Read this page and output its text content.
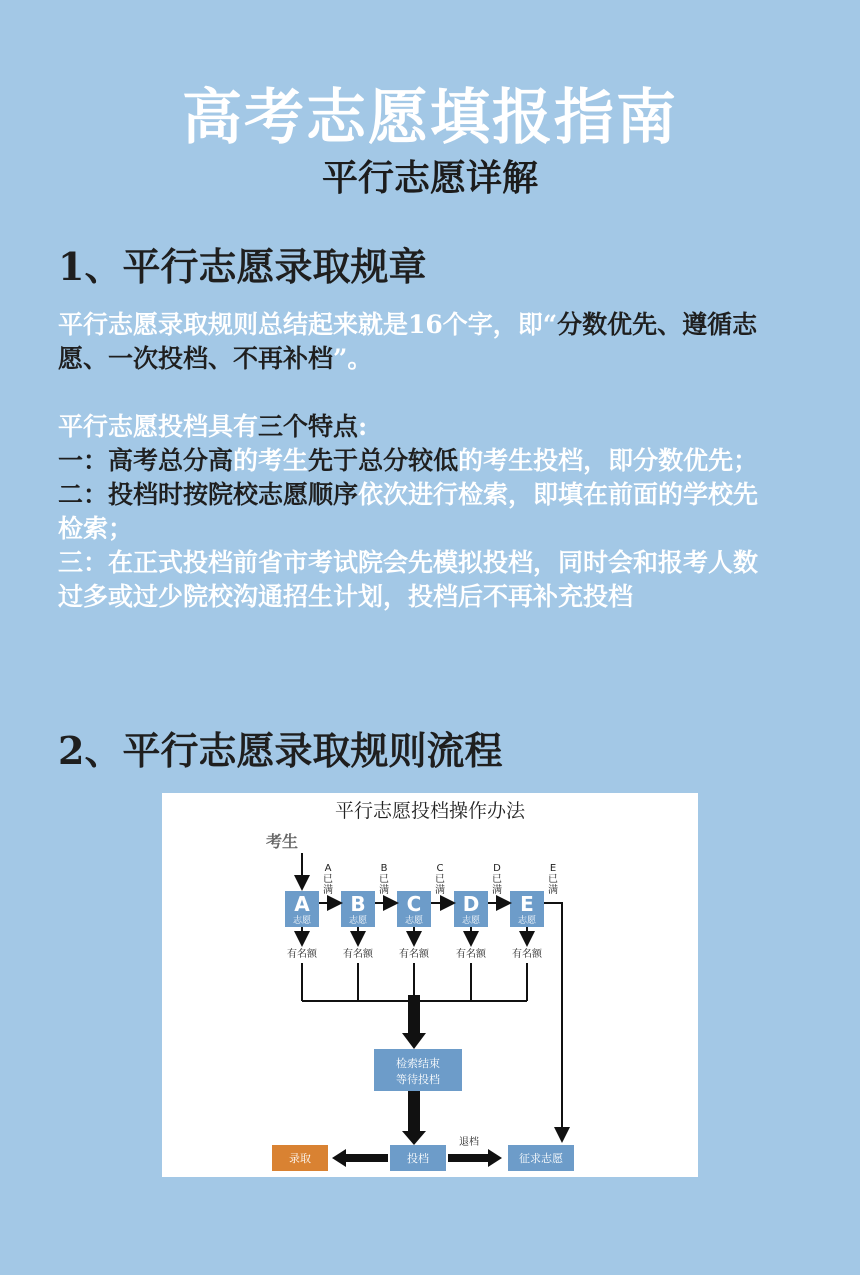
高考志愿填报指南
平行志愿详解
1、平行志愿录取规章
平行志愿录取规则总结起来就是16个字，即“分数优先、遵循志愿、一次投档、不再补档”。
平行志愿投档具有三个特点:
一：高考总分高的考生先于总分较低的考生投档，即分数优先；
二：投档时按院校志愿顺序依次进行检索，即填在前面的学校先检索；
三：在正式投档前省市考试院会先模拟投档，同时会和报考人数过多或过少院校沟通招生计划，投档后不再补充投档
2、平行志愿录取规则流程
平行志愿投档操作办法
考生
A
志愿
A
已
满
有名额
B
志愿
B
已
满
有名额
C
志愿
C
已
满
有名额
D
志愿
D
已
满
有名额
E
志愿
E
已
满
有名额
检索结束
等待投档
投档
录取	征求志愿
退档
